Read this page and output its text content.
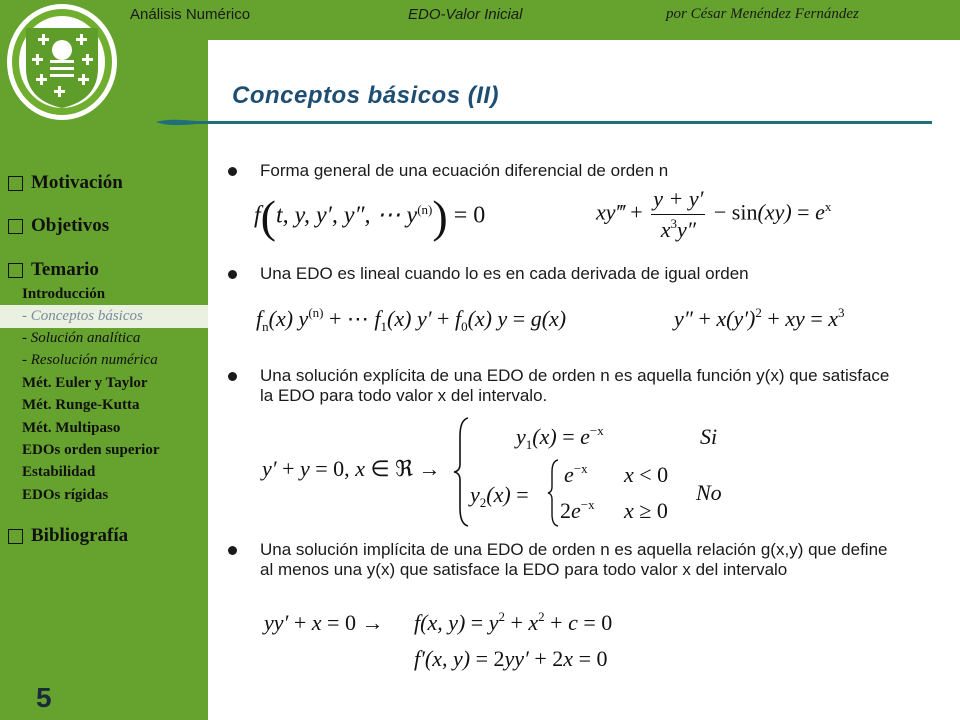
Análisis Numérico	EDO-Valor Inicial	por César Menéndez Fernández
Conceptos básicos (II)
Motivación
Objetivos
Temario
Introducción
- Conceptos básicos
- Solución analítica
- Resolución numérica
Mét. Euler y Taylor
Mét. Runge-Kutta
Mét. Multipaso
EDOs orden superior
Estabilidad
EDOs rígidas
Bibliografía
5
Forma general de una ecuación diferencial de orden n
f(t, y, y′, y″, ⋯ $y^{(n)}) = 0$	xy‴ + $\frac{y + y'}{x^3y''} - \sin(xy) = e^x$
Una EDO es lineal cuando lo es en cada derivada de igual orden
$f_n(x) y^{(n)}$ + ⋯ $f_1(x) y' + f_0(x) y = g(x)$	$y'' + x(y')^2$ + xy = $x^3$
Una solución explícita de una EDO de orden n es aquella función y(x) que satisface la EDO para todo valor x del intervalo.
y′ + y = 0, x ∈ ℜ →
$y_1(x) = e^{-x}$	Si
$y_2(x)$ =
$e^{-x}$ x < 0
$2e^{-x}$ x ≥ 0
No
Una solución implícita de una EDO de orden n es aquella relación g(x,y) que define al menos una y(x) que satisface la EDO para todo valor x del intervalo
yy′ + x = 0 → f(x, $y) = y^2 + x^2 + c = 0$
f′(x, y) = 2yy′ + 2x = 0
